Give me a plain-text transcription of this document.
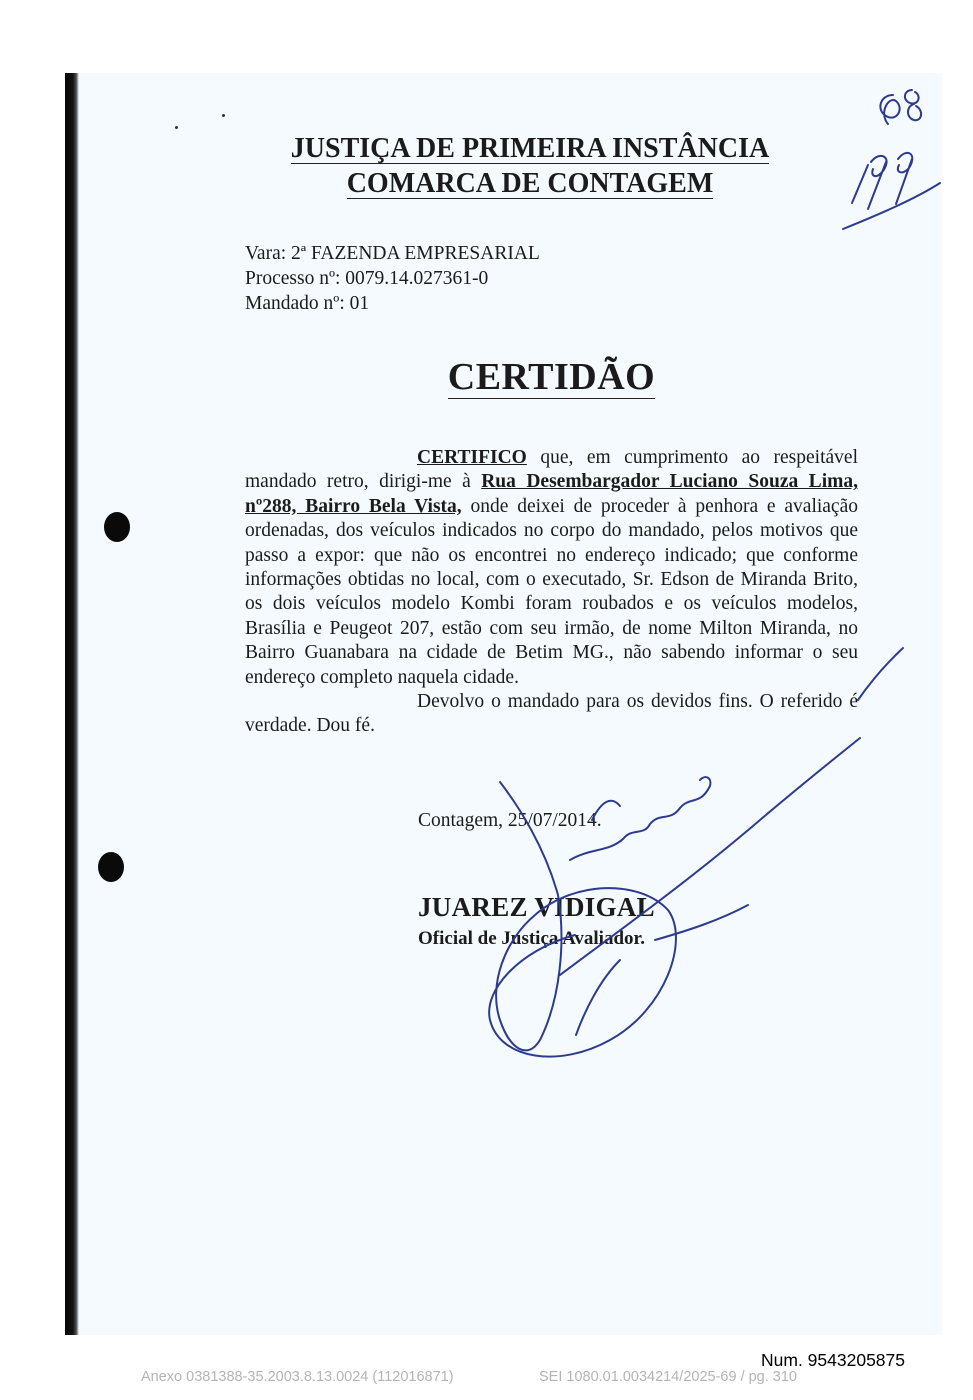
JUSTIÇA DE PRIMEIRA INSTÂNCIA
COMARCA DE CONTAGEM
Vara: 2ª FAZENDA EMPRESARIAL
Processo nº: 0079.14.027361-0
Mandado nº: 01
CERTIDÃO

CERTIFICO que, em cumprimento ao respeitável mandado retro, dirigi-me à Rua Desembargador Luciano Souza Lima, nº288, Bairro Bela Vista, onde deixei de proceder à penhora e avaliação ordenadas, dos veículos indicados no corpo do mandado, pelos motivos que passo a expor: que não os encontrei no endereço indicado; que conforme informações obtidas no local, com o executado, Sr. Edson de Miranda Brito, os dois veículos modelo Kombi foram roubados e os veículos modelos, Brasília e Peugeot 207, estão com seu irmão, de nome Milton Miranda, no Bairro Guanabara na cidade de Betim MG., não sabendo informar o seu endereço completo naquela cidade.

Devolvo o mandado para os devidos fins. O referido é verdade. Dou fé.

Contagem, 25/07/2014.
JUAREZ VIDIGAL
Oficial de Justiça Avaliador.
Num. 9543205875
Anexo 0381388-35.2003.8.13.0024 (112016871)	SEI 1080.01.0034214/2025-69 / pg. 310
